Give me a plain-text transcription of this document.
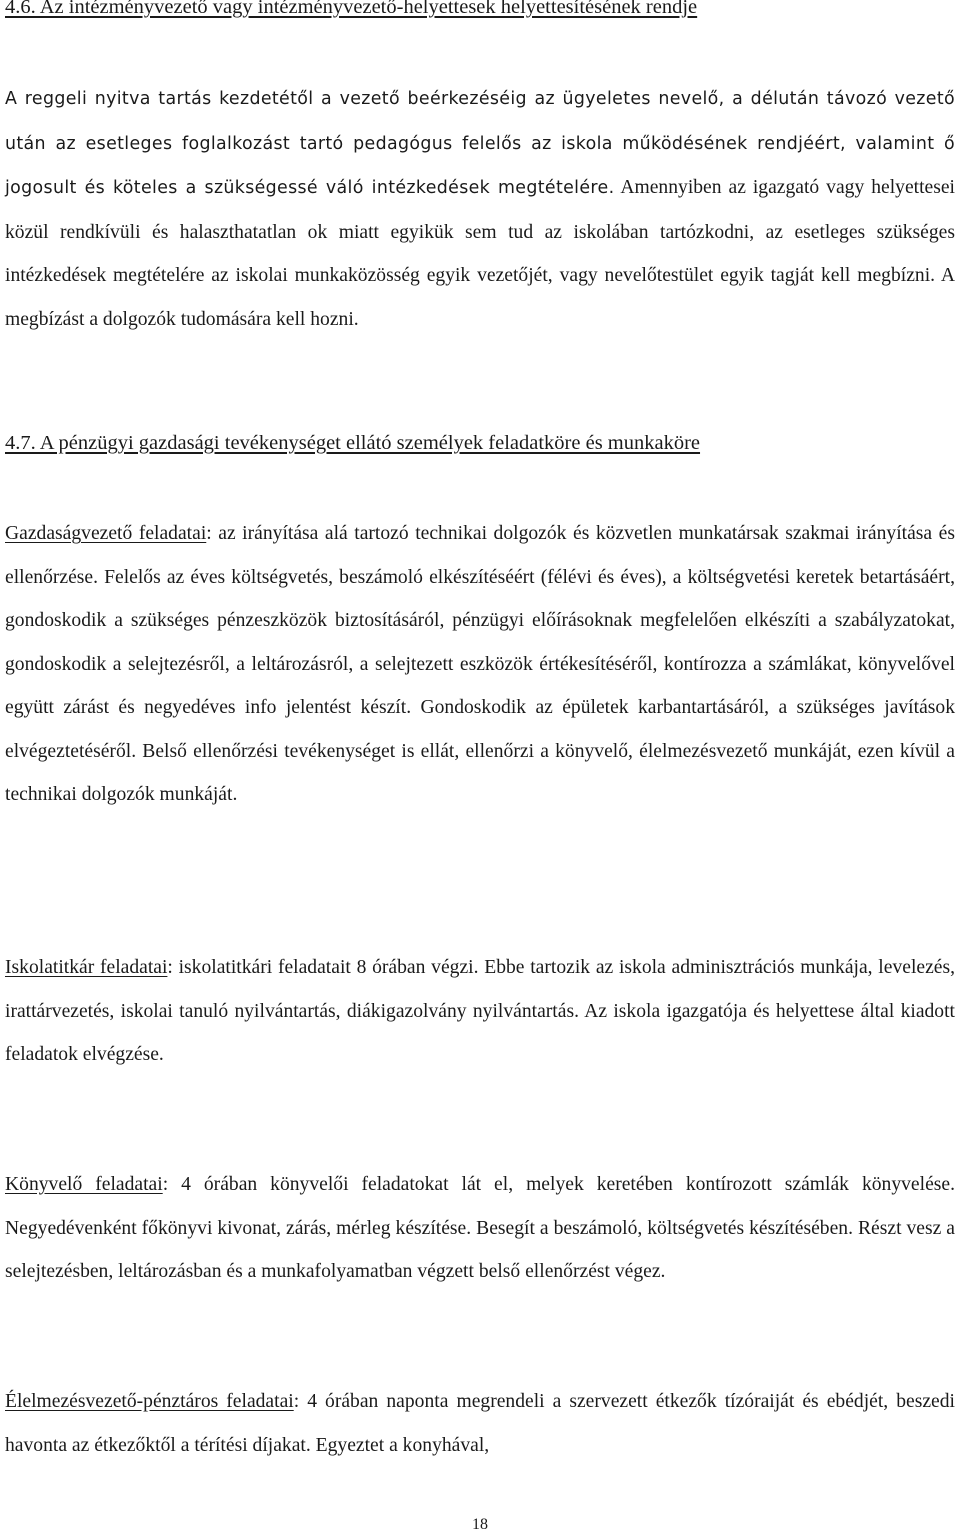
4.6. Az intézményvezető vagy intézményvezető-helyettesek helyettesítésének rendje

A reggeli nyitva tartás kezdetétől a vezető beérkezéséig az ügyeletes nevelő, a délután távozó vezető után az esetleges foglalkozást tartó pedagógus felelős az iskola működésének rendjéért, valamint ő jogosult és köteles a szükségessé váló intézkedések megtételére. Amennyiben az igazgató vagy helyettesei közül rendkívüli és halaszthatatlan ok miatt egyikük sem tud az iskolában tartózkodni, az esetleges szükséges intézkedések megtételére az iskolai munkaközösség egyik vezetőjét, vagy nevelőtestület egyik tagját kell megbízni. A megbízást a dolgozók tudomására kell hozni.

4.7. A pénzügyi gazdasági tevékenységet ellátó személyek feladatköre és munkaköre

Gazdaságvezető feladatai: az irányítása alá tartozó technikai dolgozók és közvetlen munkatársak szakmai irányítása és ellenőrzése. Felelős az éves költségvetés, beszámoló elkészítéséért (félévi és éves), a költségvetési keretek betartásáért, gondoskodik a szükséges pénzeszközök biztosításáról, pénzügyi előírásoknak megfelelően elkészíti a szabályzatokat, gondoskodik a selejtezésről, a leltározásról, a selejtezett eszközök értékesítéséről, kontírozza a számlákat, könyvelővel együtt zárást és negyedéves info jelentést készít. Gondoskodik az épületek karbantartásáról, a szükséges javítások elvégeztetéséről. Belső ellenőrzési tevékenységet is ellát, ellenőrzi a könyvelő, élelmezésvezető munkáját, ezen kívül a technikai dolgozók munkáját.

Iskolatitkár feladatai: iskolatitkári feladatait 8 órában végzi. Ebbe tartozik az iskola adminisztrációs munkája, levelezés, irattárvezetés, iskolai tanuló nyilvántartás, diákigazolvány nyilvántartás. Az iskola igazgatója és helyettese által kiadott feladatok elvégzése.

Könyvelő feladatai: 4 órában könyvelői feladatokat lát el, melyek keretében kontírozott számlák könyvelése. Negyedévenként főkönyvi kivonat, zárás, mérleg készítése. Besegít a beszámoló, költségvetés készítésében. Részt vesz a selejtezésben, leltározásban és a munkafolyamatban végzett belső ellenőrzést végez.

Élelmezésvezető-pénztáros feladatai: 4 órában naponta megrendeli a szervezett étkezők tízóraiját és ebédjét, beszedi havonta az étkezőktől a térítési díjakat. Egyeztet a konyhával,

18
